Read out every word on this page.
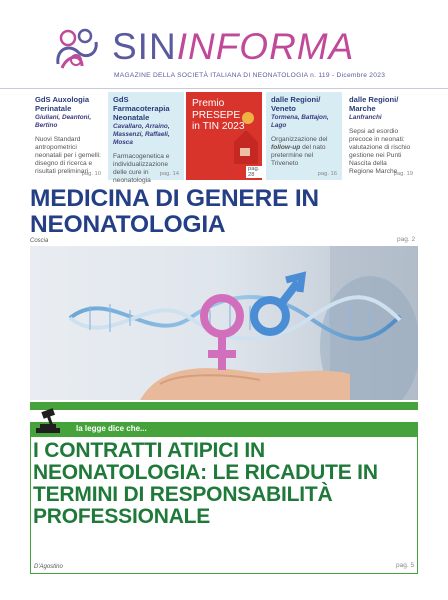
SININFORMA
MAGAZINE DELLA SOCIETÀ ITALIANA DI NEONATOLOGIA n. 119 - Dicembre 2023
GdS Auxologia Perinatale
Giuliani, Deantoni, Bertino
Nuovi Standard antropometrici neonatali per i gemelli: disegno di ricerca e risultati preliminari
pag. 10
GdS Farmacoterapia Neonatale
Cavallaro, Arraino, Massenzi, Raffaeli, Mosca
Farmacogenetica e individualizzazione delle cure in neonatologia
pag. 14
Premio
PRESEPE
in TIN 2023
pag. 28
dalle Regioni/ Veneto
Tormena, Battajon, Lago
Organizzazione del follow-up del nato pretermine nel Triveneto
pag. 16
dalle Regioni/ Marche
Lanfranchi
Sepsi ad esordio precoce in neonati: valutazione di rischio gestione nei Punti Nascita della Regione Marche
pag. 19
MEDICINA DI GENERE IN NEONATOLOGIA
Coscia	pag. 2
la legge dice che...
I CONTRATTI ATIPICI IN NEONATOLOGIA: LE RICADUTE IN TERMINI DI RESPONSABILITÀ PROFESSIONALE
D'Agostino	pag. 5
